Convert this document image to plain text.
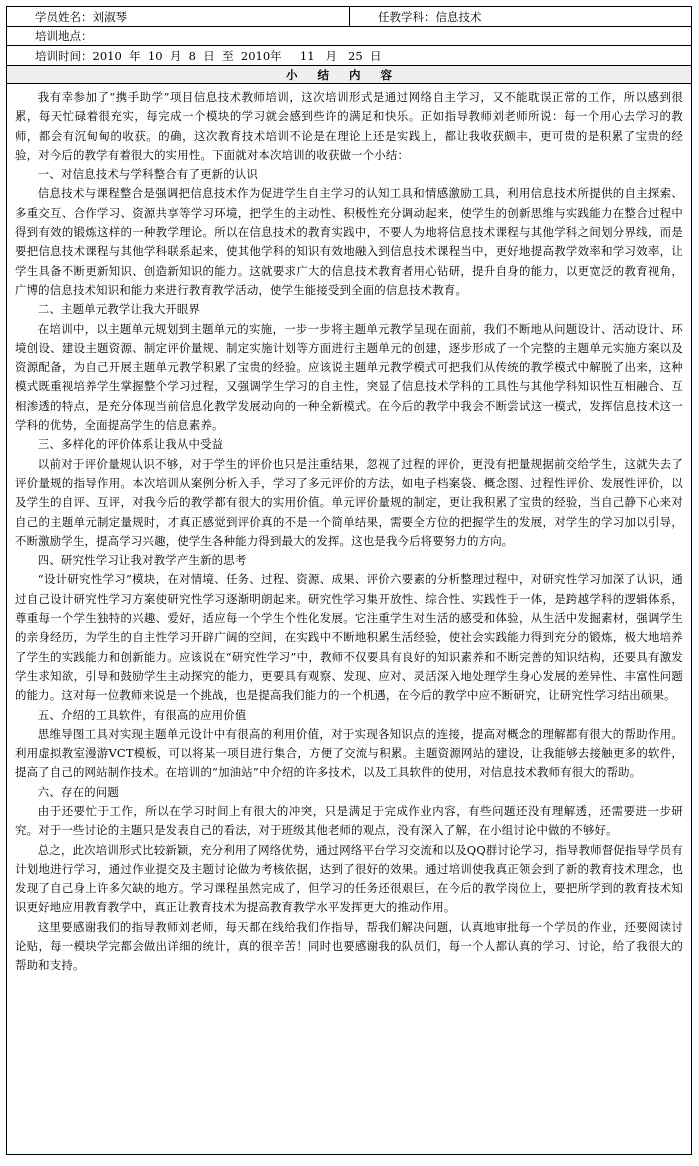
学员姓名： 刘淑琴	任教学科： 信息技术
培训地点：
培训时间： 2010  年  10  月  8  日  至  2010年     11   月   25  日
小结内容

我有幸参加了“携手助学”项目信息技术教师培训，这次培训形式是通过网络自主学习，又不能耽误正常的工作，所以感到很累，每天忙碌着很充实，每完成一个模块的学习就会感到些许的满足和快乐。正如指导教师刘老师所说：每一个用心去学习的教师，都会有沉甸甸的收获。的确，这次教育技术培训不论是在理论上还是实践上，都让我收获颇丰，更可贵的是积累了宝贵的经验，对今后的教学有着很大的实用性。下面就对本次培训的收获做一个小结：

一、对信息技术与学科整合有了更新的认识

信息技术与课程整合是强调把信息技术作为促进学生自主学习的认知工具和情感激励工具，利用信息技术所提供的自主探索、多重交互、合作学习、资源共享等学习环境，把学生的主动性、积极性充分调动起来，使学生的创新思维与实践能力在整合过程中得到有效的锻炼这样的一种教学理论。所以在信息技术的教育实践中，不要人为地将信息技术课程与其他学科之间划分界线，而是要把信息技术课程与其他学科联系起来，使其他学科的知识有效地融入到信息技术课程当中，更好地提高教学效率和学习效率，让学生具备不断更新知识、创造新知识的能力。这就要求广大的信息技术教育者用心钻研，提升自身的能力，以更宽泛的教育视角，广博的信息技术知识和能力来进行教育教学活动，使学生能接受到全面的信息技术教育。

二、主题单元教学让我大开眼界

在培训中，以主题单元规划到主题单元的实施，一步一步将主题单元教学呈现在面前，我们不断地从问题设计、活动设计、环境创设、建设主题资源、制定评价量规、制定实施计划等方面进行主题单元的创建，逐步形成了一个完整的主题单元实施方案以及资源配备，为自己开展主题单元教学积累了宝贵的经验。应该说主题单元教学模式可把我们从传统的教学模式中解脱了出来，这种模式既重视培养学生掌握整个学习过程，又强调学生学习的自主性，突显了信息技术学科的工具性与其他学科知识性互相融合、互相渗透的特点，是充分体现当前信息化教学发展动向的一种全新模式。在今后的教学中我会不断尝试这一模式，发挥信息技术这一学科的优势，全面提高学生的信息素养。

三、多样化的评价体系让我从中受益

以前对于评价量规认识不够，对于学生的评价也只是注重结果，忽视了过程的评价，更没有把量规据前交给学生，这就失去了评价量规的指导作用。本次培训从案例分析入手，学习了多元评价的方法，如电子档案袋、概念图、过程性评价、发展性评价，以及学生的自评、互评，对我今后的教学都有很大的实用价值。单元评价量规的制定，更让我积累了宝贵的经验，当自己静下心来对自己的主题单元制定量规时，才真正感觉到评价真的不是一个简单结果，需要全方位的把握学生的发展，对学生的学习加以引导，不断激励学生，提高学习兴趣，使学生各种能力得到最大的发挥。这也是我今后将要努力的方向。

四、研究性学习让我对教学产生新的思考

“设计研究性学习”模块，在对情境、任务、过程、资源、成果、评价六要素的分析整理过程中，对研究性学习加深了认识，通过自己设计研究性学习方案使研究性学习逐渐明朗起来。研究性学习集开放性、综合性、实践性于一体，是跨越学科的逻辑体系，尊重每一个学生独特的兴趣、爱好，适应每一个学生个性化发展。它注重学生对生活的感受和体验，从生活中发掘素材，强调学生的亲身经历，为学生的自主性学习开辟广阔的空间，在实践中不断地积累生活经验，使社会实践能力得到充分的锻炼，极大地培养了学生的实践能力和创新能力。应该说在“研究性学习”中，教师不仅要具有良好的知识素养和不断完善的知识结构，还要具有激发学生求知欲，引导和鼓励学生主动探究的能力，更要具有观察、发现、应对、灵活深入地处理学生身心发展的差异性、丰富性问题的能力。这对每一位教师来说是一个挑战，也是提高我们能力的一个机遇，在今后的教学中应不断研究，让研究性学习结出硕果。

五、介绍的工具软件，有很高的应用价值

思维导图工具对实现主题单元设计中有很高的利用价值，对于实现各知识点的连接，提高对概念的理解都有很大的帮助作用。利用虚拟教室漫游VCT模板，可以将某一项目进行集合，方便了交流与积累。主题资源网站的建设，让我能够去接触更多的软件，提高了自己的网站制作技术。在培训的“加油站”中介绍的许多技术，以及工具软件的使用，对信息技术教师有很大的帮助。

六、存在的问题

由于还要忙于工作，所以在学习时间上有很大的冲突，只是满足于完成作业内容，有些问题还没有理解透，还需要进一步研究。对于一些讨论的主题只是发表自己的看法，对于班级其他老师的观点，没有深入了解，在小组讨论中做的不够好。

总之，此次培训形式比较新颖，充分利用了网络优势，通过网络平台学习交流和以及QQ群讨论学习，指导教师督促指导学员有计划地进行学习，通过作业提交及主题讨论做为考核依据，达到了很好的效果。通过培训使我真正领会到了新的教育技术理念，也发现了自己身上许多欠缺的地方。学习课程虽然完成了，但学习的任务还很艰巨，在今后的教学岗位上，要把所学到的教育技术知识更好地应用教育教学中，真正让教育技术为提高教育教学水平发挥更大的推动作用。

这里要感谢我们的指导教师刘老师，每天都在线给我们作指导，帮我们解决问题，认真地审批每一个学员的作业，还要阅读讨论贴，每一模块学完都会做出详细的统计，真的很辛苦！同时也要感谢我的队员们，每一个人都认真的学习、讨论，给了我很大的帮助和支持。
